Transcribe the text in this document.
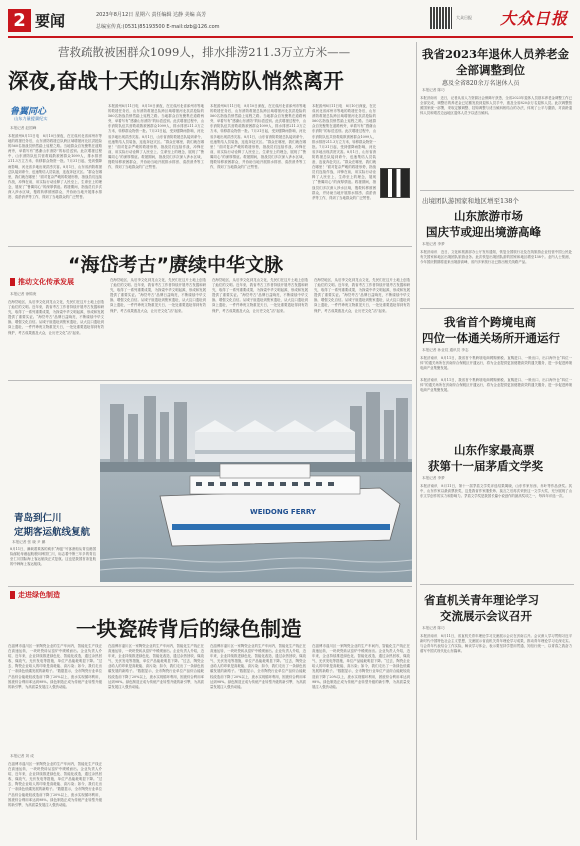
2 要闻	2023年8月12日 星期六 责任编辑 达静 美编 高芳
总编室传真:(0531)85193500 E-mail:dzb@126.com
大众日报 大众日报
营救疏散被困群众1099人，排水排涝211.3万立方米——
深夜,奋战十天的山东消防队悄然离开
鲁翼同心
山东力量援冀纪实
本报记者 赵国峰
本报滨州8月11日电　8月10日深夜，在完成河北省涿州市等地的救援任务后，山东消防救援总队跨区域增援河北抗洪抢险的560名指战员悄然踏上返程之路。当地群众自发聚集在道路两旁，举着写有“感谢山东消防”的标语送别。此次增援过程中，山东消防队伍共营救疏散被困群众1099人，排水排涝211.3万立方米，转移群众物资一批。7月31日起，受到强降雨影响，河北省多地出现洪涝灾害。8月1日，山东省消防救援总队接到命令，迅速集结人员装备，连夜奔赴灾区。“群众在哪里，我们就在哪里！”面对复杂严峻的救援形势，指战员们连续作战，冲锋在前，用实际行动诠释了人民至上、生命至上的理念，展现了“鲁冀同心”的深厚情谊。救援期间，指战员们多次深入涉水区域，搜救转移被困群众，并协助当地开展排水排涝、清淤消杀等工作，得到了当地群众的广泛赞誉。
本报滨州8月11日电　8月10日深夜，在完成河北省涿州市等地的救援任务后，山东消防救援总队跨区域增援河北抗洪抢险的560名指战员悄然踏上返程之路。当地群众自发聚集在道路两旁，举着写有“感谢山东消防”的标语送别。此次增援过程中，山东消防队伍共营救疏散被困群众1099人，排水排涝211.3万立方米，转移群众物资一批。7月31日起，受到强降雨影响，河北省多地出现洪涝灾害。8月1日，山东省消防救援总队接到命令，迅速集结人员装备，连夜奔赴灾区。“群众在哪里，我们就在哪里！”面对复杂严峻的救援形势，指战员们连续作战，冲锋在前，用实际行动诠释了人民至上、生命至上的理念，展现了“鲁冀同心”的深厚情谊。救援期间，指战员们多次深入涉水区域，搜救转移被困群众，并协助当地开展排水排涝、清淤消杀等工作，得到了当地群众的广泛赞誉。
本报滨州8月11日电　8月10日深夜，在完成河北省涿州市等地的救援任务后，山东消防救援总队跨区域增援河北抗洪抢险的560名指战员悄然踏上返程之路。当地群众自发聚集在道路两旁，举着写有“感谢山东消防”的标语送别。此次增援过程中，山东消防队伍共营救疏散被困群众1099人，排水排涝211.3万立方米，转移群众物资一批。7月31日起，受到强降雨影响，河北省多地出现洪涝灾害。8月1日，山东省消防救援总队接到命令，迅速集结人员装备，连夜奔赴灾区。“群众在哪里，我们就在哪里！”面对复杂严峻的救援形势，指战员们连续作战，冲锋在前，用实际行动诠释了人民至上、生命至上的理念，展现了“鲁冀同心”的深厚情谊。救援期间，指战员们多次深入涉水区域，搜救转移被困群众，并协助当地开展排水排涝、清淤消杀等工作，得到了当地群众的广泛赞誉。
本报滨州8月11日电　8月10日深夜，在完成河北省涿州市等地的救援任务后，山东消防救援总队跨区域增援河北抗洪抢险的560名指战员悄然踏上返程之路。当地群众自发聚集在道路两旁，举着写有“感谢山东消防”的标语送别。此次增援过程中，山东消防队伍共营救疏散被困群众1099人，排水排涝211.3万立方米，转移群众物资一批。7月31日起，受到强降雨影响，河北省多地出现洪涝灾害。8月1日，山东省消防救援总队接到命令，迅速集结人员装备，连夜奔赴灾区。“群众在哪里，我们就在哪里！”面对复杂严峻的救援形势，指战员们连续作战，冲锋在前，用实际行动诠释了人民至上、生命至上的理念，展现了“鲁冀同心”的深厚情谊。救援期间，指战员们多次深入涉水区域，搜救转移被困群众，并协助当地开展排水排涝、清淤消杀等工作，得到了当地群众的广泛赞誉。
“海岱考古”赓续中华文脉
推动文化传承发展
本报记者 徐锦庚
在海岱地区，从后李文化到龙山文化，先民们在这片土地上创造了灿烂的文明。近年来，我省考古工作者持续开展考古发掘和研究，取得了一系列重要成果，为探索中华文明起源、形成和发展提供了重要实证。“海岱考古”品牌日益响亮，不断赓续中华文脉，增强文化自信。从城子崖遗址到焦家遗址，从大汶口遗址到岗上遗址，一件件珍贵文物重见天日，一处处重要遗址得到有效保护，考古成果惠及大众，让历史文化“活”起来。
在海岱地区，从后李文化到龙山文化，先民们在这片土地上创造了灿烂的文明。近年来，我省考古工作者持续开展考古发掘和研究，取得了一系列重要成果，为探索中华文明起源、形成和发展提供了重要实证。“海岱考古”品牌日益响亮，不断赓续中华文脉，增强文化自信。从城子崖遗址到焦家遗址，从大汶口遗址到岗上遗址，一件件珍贵文物重见天日，一处处重要遗址得到有效保护，考古成果惠及大众，让历史文化“活”起来。
在海岱地区，从后李文化到龙山文化，先民们在这片土地上创造了灿烂的文明。近年来，我省考古工作者持续开展考古发掘和研究，取得了一系列重要成果，为探索中华文明起源、形成和发展提供了重要实证。“海岱考古”品牌日益响亮，不断赓续中华文脉，增强文化自信。从城子崖遗址到焦家遗址，从大汶口遗址到岗上遗址，一件件珍贵文物重见天日，一处处重要遗址得到有效保护，考古成果惠及大众，让历史文化“活”起来。
在海岱地区，从后李文化到龙山文化，先民们在这片土地上创造了灿烂的文明。近年来，我省考古工作者持续开展考古发掘和研究，取得了一系列重要成果，为探索中华文明起源、形成和发展提供了重要实证。“海岱考古”品牌日益响亮，不断赓续中华文脉，增强文化自信。从城子崖遗址到焦家遗址，从大汶口遗址到岗上遗址，一件件珍贵文物重见天日，一处处重要遗址得到有效保护，考古成果惠及大众，让历史文化“活”起来。
青岛到仁川
定期客运航线复航
本报记者 张 晓 尹 鹏
8月11日，满载着乘客的威东“海蓝”号客滚船从青岛港国际邮轮母港起航驶向韩国仁川，标志着中断三年多的青岛至仁川国际海上客运航线正式复航。这也是我国首条复航的中韩海上客运航线。
WEIDONG FERRY
走进绿色制造
一块瓷砖背后的绿色制造
本报记者 刘 成
在淄博市淄川区一家陶瓷企业的生产车间内，智能化生产线正在高速运转，一块块瓷砖从窑炉中缓缓而出。企业负责人介绍，近年来，企业持续推进绿色化、智能化改造，通过余热回收、煤改气、光伏发电等措施，单位产品能耗明显下降。“过去，陶瓷企业给人的印象是高耗能、高污染；如今，我们走出了一条绿色低碳发展的新路子。”数据显示，全市陶瓷行业单位产品综合能耗较改造前下降了20%以上，废水实现循环利用，固废综合利用率达到98%。绿色制造正成为传统产业转型升级的新引擎，为高质量发展注入强劲动能。
在淄博市淄川区一家陶瓷企业的生产车间内，智能化生产线正在高速运转，一块块瓷砖从窑炉中缓缓而出。企业负责人介绍，近年来，企业持续推进绿色化、智能化改造，通过余热回收、煤改气、光伏发电等措施，单位产品能耗明显下降。“过去，陶瓷企业给人的印象是高耗能、高污染；如今，我们走出了一条绿色低碳发展的新路子。”数据显示，全市陶瓷行业单位产品综合能耗较改造前下降了20%以上，废水实现循环利用，固废综合利用率达到98%。绿色制造正成为传统产业转型升级的新引擎，为高质量发展注入强劲动能。
在淄博市淄川区一家陶瓷企业的生产车间内，智能化生产线正在高速运转，一块块瓷砖从窑炉中缓缓而出。企业负责人介绍，近年来，企业持续推进绿色化、智能化改造，通过余热回收、煤改气、光伏发电等措施，单位产品能耗明显下降。“过去，陶瓷企业给人的印象是高耗能、高污染；如今，我们走出了一条绿色低碳发展的新路子。”数据显示，全市陶瓷行业单位产品综合能耗较改造前下降了20%以上，废水实现循环利用，固废综合利用率达到98%。绿色制造正成为传统产业转型升级的新引擎，为高质量发展注入强劲动能。
在淄博市淄川区一家陶瓷企业的生产车间内，智能化生产线正在高速运转，一块块瓷砖从窑炉中缓缓而出。企业负责人介绍，近年来，企业持续推进绿色化、智能化改造，通过余热回收、煤改气、光伏发电等措施，单位产品能耗明显下降。“过去，陶瓷企业给人的印象是高耗能、高污染；如今，我们走出了一条绿色低碳发展的新路子。”数据显示，全市陶瓷行业单位产品综合能耗较改造前下降了20%以上，废水实现循环利用，固废综合利用率达到98%。绿色制造正成为传统产业转型升级的新引擎，为高质量发展注入强劲动能。
在淄博市淄川区一家陶瓷企业的生产车间内，智能化生产线正在高速运转，一块块瓷砖从窑炉中缓缓而出。企业负责人介绍，近年来，企业持续推进绿色化、智能化改造，通过余热回收、煤改气、光伏发电等措施，单位产品能耗明显下降。“过去，陶瓷企业给人的印象是高耗能、高污染；如今，我们走出了一条绿色低碳发展的新路子。”数据显示，全市陶瓷行业单位产品综合能耗较改造前下降了20%以上，废水实现循环利用，固废综合利用率达到98%。绿色制造正成为传统产业转型升级的新引擎，为高质量发展注入强劲动能。
我省2023年退休人员养老金
全部调整到位
惠及全省820余万名退休人员
本报记者 陈巧
本报济南讯　近日，记者从省人力资源社会保障厅获悉，全省2023年退休人员基本养老金调整工作已全部完成，调整后的养老金已足额发放到退休人员手中，惠及全省820余万名退休人员。此次调整按照国家统一部署，采取定额调整、挂钩调整与适当倾斜相结合的办法，体现了公平与激励，对高龄退休人员和艰苦边远地区退休人员予以适当倾斜。
出境团队游国家和地区增至138个
山东旅游市场
国庆节或迎出境游高峰
本报记者 李梦
本报济南讯　近日，文化和旅游部办公厅发布通知，恢复全国旅行社及在线旅游企业经营中国公民赴有关国家和地区出境团队旅游业务。此次恢复出境团队游的国家和地区增至138个。业内人士预测，今年国庆假期将迎来出境游高峰，省内多家旅行社已推出相关线路产品。
我省首个跨境电商
四位一体通关场所开通运行
本报记者 孙业玟 通讯员 李志
本报济南讯　8月11日，我省首个集跨境电商网购保税、直购进口、一般出口、出口海外仓“四位一体”的通关场所在济南综合保税区开通运行，将为企业提供更加便捷高效的通关服务，进一步促进跨境电商产业集聚发展。
本报济南讯　8月11日，我省首个集跨境电商网购保税、直购进口、一般出口、出口海外仓“四位一体”的通关场所在济南综合保税区开通运行，将为企业提供更加便捷高效的通关服务，进一步促进跨境电商产业集聚发展。
山东作家最高票
获第十一届茅盾文学奖
本报记者 李梦
本报济南讯　8月11日，第十一届茅盾文学奖评选结果揭晓，山东作家东西、乔叶等作品获奖。其中，山东作家以最高票获奖，这是我省作家继张炜、莫言之后再次荣获这一文学大奖，充分展现了山东文学创作的实力和影响力。茅盾文学奖是我国长篇小说创作的最高奖项之一，每四年评选一次。
省直机关青年理论学习
交流展示会议召开
本报记者 陈巧
本报济南讯　8月11日，省直机关青年理论学习交流展示会议在济南召开。会议深入学习贯彻习近平新时代中国特色社会主义思想，交流展示省直机关青年理论学习成果，推动青年理论学习走深走实。与会青年代表结合工作实际，畅谈学习体会，表示要坚持学思用贯通、知信行统一，以青春之我奋力谱写中国式现代化山东篇章。
